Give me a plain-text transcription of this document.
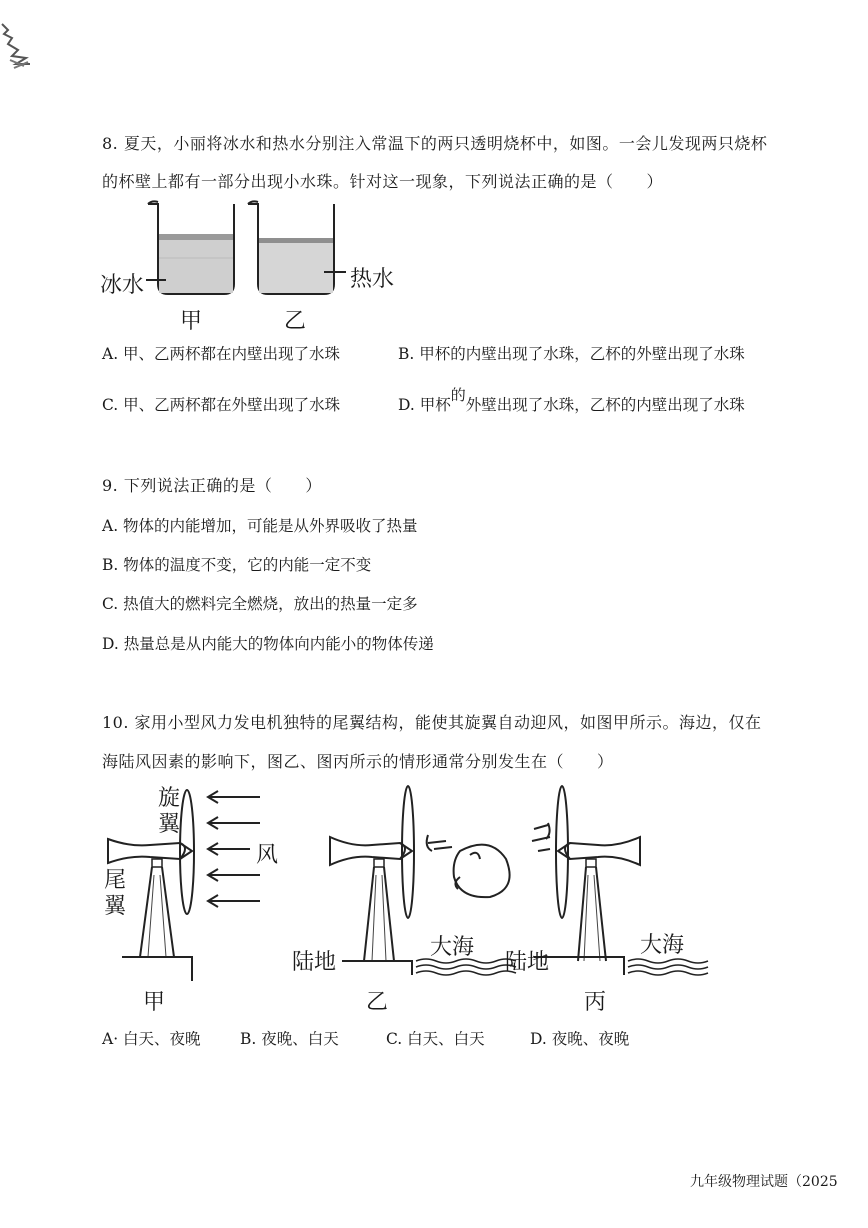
8. 夏天，小丽将冰水和热水分别注入常温下的两只透明烧杯中，如图。一会儿发现两只烧杯
的杯壁上都有一部分出现小水珠。针对这一现象，下列说法正确的是（　　）
冰水	热水
甲	乙
A. 甲、乙两杯都在内壁出现了水珠	B. 甲杯的内壁出现了水珠，乙杯的外壁出现了水珠
C. 甲、乙两杯都在外壁出现了水珠	D. 甲杯的外壁出现了水珠，乙杯的内壁出现了水珠
9. 下列说法正确的是（　　）
A. 物体的内能增加，可能是从外界吸收了热量
B. 物体的温度不变，它的内能一定不变
C. 热值大的燃料完全燃烧，放出的热量一定多
D. 热量总是从内能大的物体向内能小的物体传递
10. 家用小型风力发电机独特的尾翼结构，能使其旋翼自动迎风，如图甲所示。海边，仅在
海陆风因素的影响下，图乙、图丙所示的情形通常分别发生在（　　）
旋翼
尾翼
风
甲
陆地
大海
乙
陆地
大海
丙
A· 白天、夜晚	B. 夜晚、白天	C. 白天、白天	D. 夜晚、夜晚
九年级物理试题（2025
